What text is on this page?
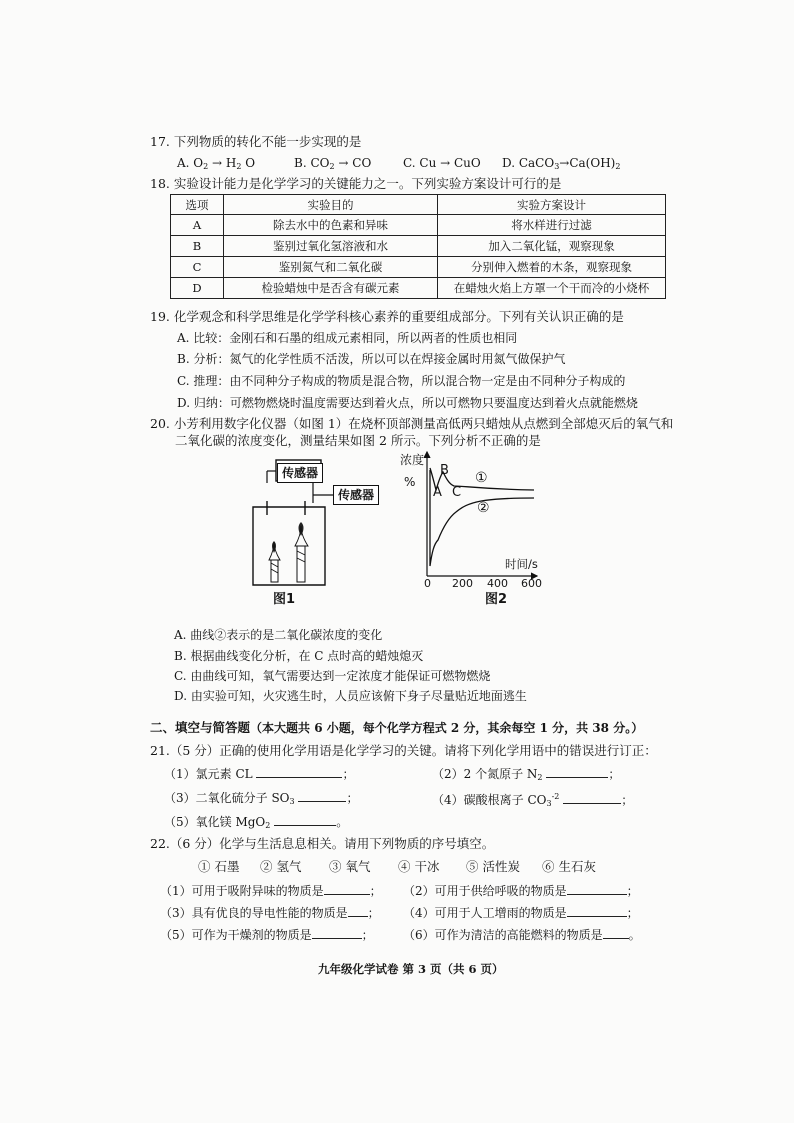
17. 下列物质的转化不能一步实现的是
A. $O_2 \to H_2$ O	B. $CO_2$ → CO	C. Cu → CuO D. $CaCO_3\to Ca(OH)_2$
18. 实验设计能力是化学学习的关键能力之一。下列实验方案设计可行的是
选项	实验目的	实验方案设计
A	除去水中的色素和异味	将水样进行过滤
B	鉴别过氧化氢溶液和水	加入二氧化锰，观察现象
C	鉴别氮气和二氧化碳	分别伸入燃着的木条，观察现象
D	检验蜡烛中是否含有碳元素	在蜡烛火焰上方罩一个干而冷的小烧杯
19. 化学观念和科学思维是化学学科核心素养的重要组成部分。下列有关认识正确的是
A. 比较：金刚石和石墨的组成元素相同，所以两者的性质也相同
B. 分析：氮气的化学性质不活泼，所以可以在焊接金属时用氮气做保护气
C. 推理：由不同种分子构成的物质是混合物，所以混合物一定是由不同种分子构成的
D. 归纳：可燃物燃烧时温度需要达到着火点，所以可燃物只要温度达到着火点就能燃烧
20. 小芳利用数字化仪器（如图 1）在烧杯顶部测量高低两只蜡烛从点燃到全部熄灭后的氧气和
二氧化碳的浓度变化，测量结果如图 2 所示。下列分析不正确的是
传感器
传感器
图1
浓度
%
A
B
C
①
②
0 200 400 600
时间/s
图2
A. 曲线②表示的是二氧化碳浓度的变化
B. 根据曲线变化分析，在 C 点时高的蜡烛熄灭
C. 由曲线可知，氧气需要达到一定浓度才能保证可燃物燃烧
D. 由实验可知，火灾逃生时，人员应该俯下身子尽量贴近地面逃生
二、填空与简答题（本大题共 6 小题，每个化学方程式 2 分，其余每空 1 分，共 38 分。）
21.（5 分）正确的使用化学用语是化学学习的关键。请将下列化学用语中的错误进行订正：
（1）氯元素 CL	；	（2）2 个氮原子 $N_2$	；
（3）二氧化硫分子 $SO_3$	；	（4）碳酸根离子 $CO_3^{-2}$	；
（5）氧化镁 MgO$_2$	。
22.（6 分）化学与生活息息相关。请用下列物质的序号填空。
① 石墨 ② 氢气 ③ 氧气 ④ 干冰 ⑤ 活性炭 ⑥ 生石灰
（1）可用于吸附异味的物质是	； （2）可用于供给呼吸的物质是	；
（3）具有优良的导电性能的物质是 ； （4）可用于人工增雨的物质是	；
（5）可作为干燥剂的物质是	； （6）可作为清洁的高能燃料的物质是 。
九年级化学试卷 第 3 页（共 6 页）
